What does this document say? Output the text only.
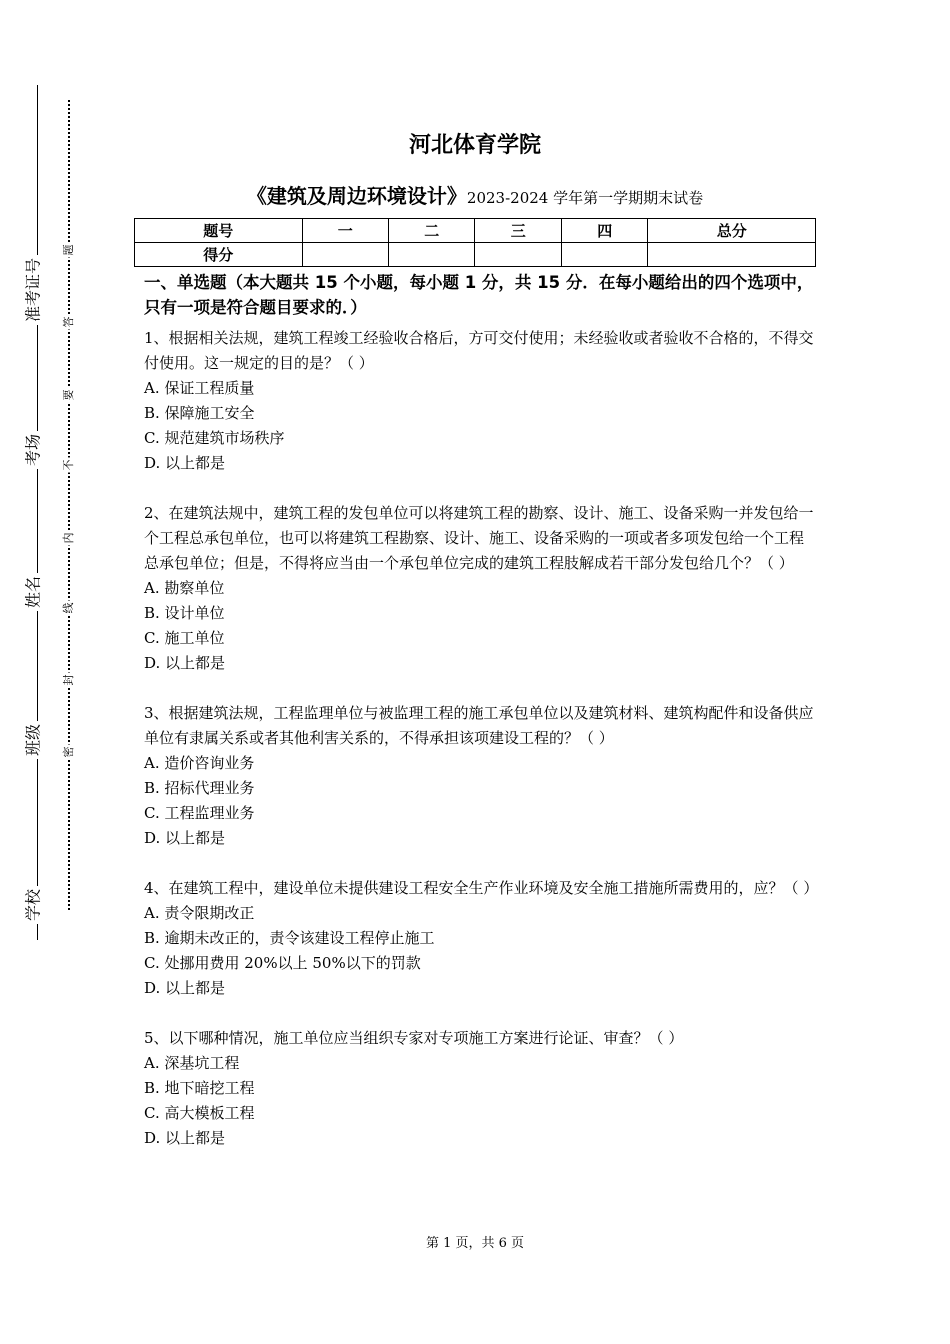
准考证号
考场
姓名
班级
学校
题
答
要
不
内
线
封
密
河北体育学院
《建筑及周边环境设计》2023-2024 学年第一学期期末试卷
题号	一	二	三	四	总分
得分					
一、单选题（本大题共 15 个小题，每小题 1 分，共 15 分．在每小题给出的四个选项中，只有一项是符合题目要求的．）
1、根据相关法规，建筑工程竣工经验收合格后，方可交付使用；未经验收或者验收不合格的，不得交付使用。这一规定的目的是？（ ）
A. 保证工程质量
B. 保障施工安全
C. 规范建筑市场秩序
D. 以上都是
2、在建筑法规中，建筑工程的发包单位可以将建筑工程的勘察、设计、施工、设备采购一并发包给一个工程总承包单位，也可以将建筑工程勘察、设计、施工、设备采购的一项或者多项发包给一个工程总承包单位；但是，不得将应当由一个承包单位完成的建筑工程肢解成若干部分发包给几个？（ ）
A. 勘察单位
B. 设计单位
C. 施工单位
D. 以上都是
3、根据建筑法规，工程监理单位与被监理工程的施工承包单位以及建筑材料、建筑构配件和设备供应单位有隶属关系或者其他利害关系的，不得承担该项建设工程的？（ ）
A. 造价咨询业务
B. 招标代理业务
C. 工程监理业务
D. 以上都是
4、在建筑工程中，建设单位未提供建设工程安全生产作业环境及安全施工措施所需费用的，应？（ ）
A. 责令限期改正
B. 逾期未改正的，责令该建设工程停止施工
C. 处挪用费用 20%以上 50%以下的罚款
D. 以上都是
5、以下哪种情况，施工单位应当组织专家对专项施工方案进行论证、审查？（ ）
A. 深基坑工程
B. 地下暗挖工程
C. 高大模板工程
D. 以上都是
第 1 页，共 6 页
